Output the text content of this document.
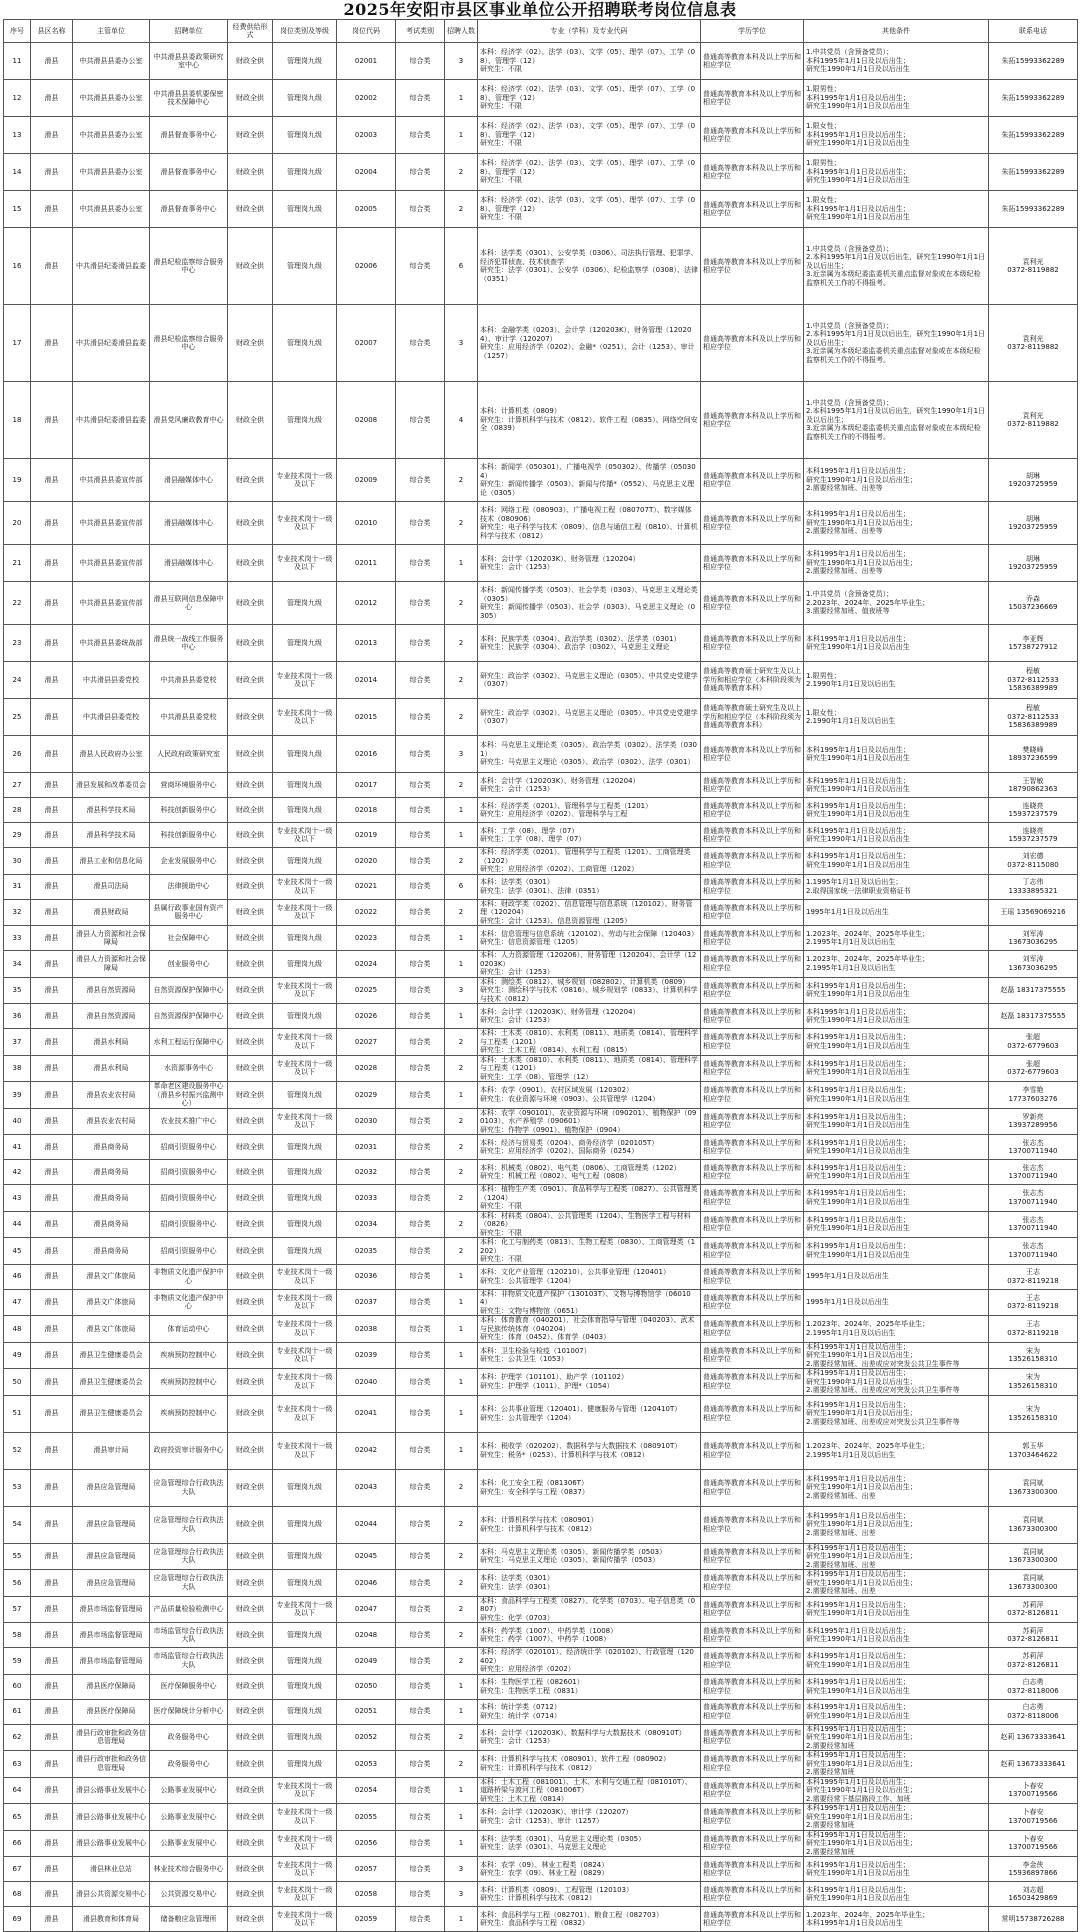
2025年安阳市县区事业单位公开招聘联考岗位信息表
序号	县区名称	主管单位	招聘单位	经费供给形式	岗位类别及等级	岗位代码	考试类别	招聘人数	专业（学科）及专业代码	学历学位	其他条件	联系电话
11	滑县	中共滑县县委办公室	中共滑县县委政策研究室中心	财政全供	管理岗九级	02001	综合类	3	本科：经济学（02）、法学（03）、文学（05）、理学（07）、工学（08）、管理学（12）
研究生：不限	普通高等教育本科及以上学历和相应学位	1.中共党员（含预备党员）；
本科1995年1月1日及以后出生；
研究生1990年1月1日及以后出生	朱拓15993362289
12	滑县	中共滑县县委办公室	中共滑县县委机要保密技术保障中心	财政全供	管理岗九级	02002	综合类	1	本科：经济学（02）、法学（03）、文学（05）、理学（07）、工学（08）、管理学（12）
研究生：不限	普通高等教育本科及以上学历和相应学位	1.限男性；
本科1995年1月1日及以后出生；
研究生1990年1月1日及以后出生	朱拓15993362289
13	滑县	中共滑县县委办公室	滑县督查事务中心	财政全供	管理岗九级	02003	综合类	1	本科：经济学（02）、法学（03）、文学（05）、理学（07）、工学（08）、管理学（12）
研究生：不限	普通高等教育本科及以上学历和相应学位	1.限女性；
本科1995年1月1日及以后出生；
研究生1990年1月1日及以后出生	朱拓15993362289
14	滑县	中共滑县县委办公室	滑县督查事务中心	财政全供	管理岗九级	02004	综合类	2	本科：经济学（02）、法学（03）、文学（05）、理学（07）、工学（08）、管理学（12）
研究生：不限	普通高等教育本科及以上学历和相应学位	1.限男性；
本科1995年1月1日及以后出生；
研究生1990年1月1日及以后出生	朱拓15993362289
15	滑县	中共滑县县委办公室	滑县督查事务中心	财政全供	管理岗九级	02005	综合类	2	本科：经济学（02）、法学（03）、文学（05）、理学（07）、工学（08）、管理学（12）
研究生：不限	普通高等教育本科及以上学历和相应学位	1.限女性；
本科1995年1月1日及以后出生；
研究生1990年1月1日及以后出生	朱拓15993362289
16	滑县	中共滑县纪委滑县监委	滑县纪检监察综合服务中心	财政全供	管理岗九级	02006	综合类	6	本科：法学类（0301）、公安学类（0306）、司法执行管理、犯罪学、经济犯罪侦查、技术侦查学
研究生：法学（0301）、公安学（0306）、纪检监察学（0308）、法律（0351）	普通高等教育本科及以上学历和相应学位	1.中共党员（含预备党员）；
2.本科1995年1月1日及以后出生，研究生1990年1月1日及以后出生；
3.近亲属为本级纪委监委机关重点监督对象或在本级纪检监察机关工作的不得报考。	袁利光
0372-8119882
17	滑县	中共滑县纪委滑县监委	滑县纪检监察综合服务中心	财政全供	管理岗九级	02007	综合类	3	本科：金融学类（0203）、会计学（120203K）、财务管理（120204）、审计学（120207）
研究生：应用经济学（0202）、金融*（0251）、会计（1253）、审计（1257）	普通高等教育本科及以上学历和相应学位	1.中共党员（含预备党员）；
2.本科1995年1月1日及以后出生，研究生1990年1月1日及以后出生；
3.近亲属为本级纪委监委机关重点监督对象或在本级纪检监察机关工作的不得报考。	袁利光
0372-8119882
18	滑县	中共滑县纪委滑县监委	滑县党风廉政教育中心	财政全供	管理岗九级	02008	综合类	4	本科：计算机类（0809）
研究生：计算机科学与技术（0812）、软件工程（0835）、网络空间安全（0839）	普通高等教育本科及以上学历和相应学位	1.中共党员（含预备党员）；
2.本科1995年1月1日及以后出生，研究生1990年1月1日及以后出生；
3.近亲属为本级纪委监委机关重点监督对象或在本级纪检监察机关工作的不得报考。	袁利光
0372-8119882
19	滑县	中共滑县县委宣传部	滑县融媒体中心	财政全供	专业技术岗十一级及以下	02009	综合类	2	本科：新闻学（050301）、广播电视学（050302）、传播学（050304）
研究生：新闻传播学（0503）、新闻与传播*（0552）、马克思主义理论（0305）	普通高等教育本科及以上学历和相应学位	本科1995年1月1日及以后出生；
研究生1990年1月1日及以后出生；
2.需要经常加班、出差等	胡琳
19203725959
20	滑县	中共滑县县委宣传部	滑县融媒体中心	财政全供	专业技术岗十一级及以下	02010	综合类	2	本科：网络工程（080903）、广播电视工程（080707T）、数字媒体技术（080906）
研究生：电子科学与技术（0809）、信息与通信工程（0810）、计算机科学与技术（0812）	普通高等教育本科及以上学历和相应学位	本科1995年1月1日及以后出生；
研究生1990年1月1日及以后出生；
2.需要经常加班、出差等	胡琳
19203725959
21	滑县	中共滑县县委宣传部	滑县融媒体中心	财政全供	专业技术岗十一级及以下	02011	综合类	1	本科：会计学（120203K）、财务管理（120204）
研究生：会计（1253）	普通高等教育本科及以上学历和相应学位	本科1995年1月1日及以后出生；
研究生1990年1月1日及以后出生；
2.需要经常加班、出差等	胡琳
19203725959
22	滑县	中共滑县县委宣传部	滑县互联网信息保障中心	财政全供	管理岗九级	02012	综合类	2	本科：新闻传播学类（0503）、社会学类（0303）、马克思主义理论类（0305）
研究生：新闻传播学（0503）、社会学（0303）、马克思主义理论（0305）	普通高等教育本科及以上学历和相应学位	1.中共党员（含预备党员）；
2.2023年、2024年、2025年毕业生；
3.需要经常加班、值夜班等	乔森
15037236669
23	滑县	中共滑县县委统战部	滑县统一战线工作服务中心	财政全供	管理岗九级	02013	综合类	2	本科：民族学类（0304）、政治学类（0302）、法学类（0301）
研究生：民族学（0304）、政治学（0302）、马克思主义理论	普通高等教育本科及以上学历和相应学位	本科1995年1月1日及以后出生；
研究生1990年1月1日及以后出生	李亚辉
15738727912
24	滑县	中共滑县县委党校	中共滑县县委党校	财政全供	专业技术岗十一级及以下	02014	综合类	2	研究生：政治学（0302）、马克思主义理论（0305）、中共党史党建学（0307）	普通高等教育硕士研究生及以上学历和相应学位（本科阶段须为普通高等教育本科）	1.限男性；
2.1990年1月1日及以后出生	程敏
0372-8112533
15836389989
25	滑县	中共滑县县委党校	中共滑县县委党校	财政全供	专业技术岗十一级及以下	02015	综合类	2	研究生：政治学（0302）、马克思主义理论（0305）、中共党史党建学（0307）	普通高等教育硕士研究生及以上学历和相应学位（本科阶段须为普通高等教育本科）	1.限女性；
2.1990年1月1日及以后出生	程敏
0372-8112533
15836389989
26	滑县	滑县人民政府办公室	人民政府政策研究室	财政全供	管理岗九级	02016	综合类	3	本科：马克思主义理论类（0305）、政治学类（0302）、法学类（0301）
研究生：马克思主义理论（0305）、政治学（0302）、法学（0301）	普通高等教育本科及以上学历和相应学位	本科1995年1月1日及以后出生；
研究生1990年1月1日及以后出生	樊晓峰
18937236599
27	滑县	滑县发展和改革委员会	营商环境服务中心	财政全供	管理岗九级	02017	综合类	2	本科：会计学（120203K）、财务管理（120204）
研究生：会计（1253）	普通高等教育本科及以上学历和相应学位	本科1995年1月1日及以后出生；
研究生1990年1月1日及以后出生	王智敏
18790862363
28	滑县	滑县科学技术局	科技创新服务中心	财政全供	管理岗九级	02018	综合类	1	本科：经济学类（0201）、管理科学与工程类（1201）
研究生：应用经济学（0202）、管理科学与工程	普通高等教育本科及以上学历和相应学位	本科1995年1月1日及以后出生；
研究生1990年1月1日及以后出生	连晓亮
15937237579
29	滑县	滑县科学技术局	科技创新服务中心	财政全供	专业技术岗十一级及以下	02019	综合类	1	本科：工学（08）、理学（07）
研究生：工学（08）、理学（07）	普通高等教育本科及以上学历和相应学位	本科1995年1月1日及以后出生；
研究生1990年1月1日及以后出生	连晓亮
15937237579
30	滑县	滑县工业和信息化局	企业发展服务中心	财政全供	管理岗九级	02020	综合类	2	本科：经济学类（0201）、管理科学与工程类（1201）、工商管理类（1202）
研究生：应用经济学（0202）、工商管理（1202）	普通高等教育本科及以上学历和相应学位	本科1995年1月1日及以后出生；
研究生1990年1月1日及以后出生	刘宏德
0372-8115080
31	滑县	滑县司法局	法律援助中心	财政全供	专业技术岗十一级及以下	02021	综合类	6	本科：法学类（0301）
研究生：法学（0301）、法律（0351）	普通高等教育本科及以上学历和相应学位	1.1995年1月1日及以后出生；
2.取得国家统一法律职业资格证书	丁志伟
13333895321
32	滑县	滑县财政局	县属行政事业国有资产服务中心	财政全供	专业技术岗十一级及以下	02022	综合类	2	本科：财政学类（0202）、信息管理与信息系统（120102）、财务管理（120204）
研究生：会计（1253）、信息资源管理（1205）	普通高等教育本科及以上学历和相应学位	1995年1月1日及以后出生	王瑶 13569069216
33	滑县	滑县人力资源和社会保障局	社会保障中心	财政全供	管理岗九级	02023	综合类	1	本科：信息管理与信息系统（120102）、劳动与社会保障（120403）
研究生：信息资源管理（1205）	普通高等教育本科及以上学历和相应学位	1.2023年、2024年、2025年毕业生；
2.1995年1月1日及以后出生	刘军涛
13673036295
34	滑县	滑县人力资源和社会保障局	创业服务中心	财政全供	管理岗九级	02024	综合类	1	本科：人力资源管理（120206）、财务管理（120204）、会计学（120203K）
研究生：会计（1253）	普通高等教育本科及以上学历和相应学位	1.2023年、2024年、2025年毕业生；
2.1995年1月1日及以后出生	刘军涛
13673036295
35	滑县	滑县自然资源局	自然资源保护保障中心	财政全供	专业技术岗十一级及以下	02025	综合类	3	本科：测绘类（0812）、城乡规划（082802）、计算机类（0809）
研究生：测绘科学与技术（0816）、城乡规划学（0833）、计算机科学与技术（0812）	普通高等教育本科及以上学历和相应学位	本科1995年1月1日及以后出生；
研究生1990年1月1日及以后出生	赵磊 18317375555
36	滑县	滑县自然资源局	自然资源保护保障中心	财政全供	管理岗九级	02026	综合类	1	本科：会计学（120203K）、财务管理（120204）
研究生：会计（1253）	普通高等教育本科及以上学历和相应学位	本科1995年1月1日及以后出生；
研究生1990年1月1日及以后出生	赵磊 18317375555
37	滑县	滑县水利局	水利工程运行保障中心	财政全供	专业技术岗十一级及以下	02027	综合类	2	本科：土木类（0810）、水利类（0811）、地质类（0814）、管理科学与工程类（1201）
研究生：土木工程（0814）、水利工程（0815）	普通高等教育本科及以上学历和相应学位	本科1995年1月1日及以后出生；
研究生1990年1月1日及以后出生	张超
0372-6779603
38	滑县	滑县水利局	水资源事务中心	财政全供	专业技术岗十一级及以下	02028	综合类	2	本科：土木类（0810）、水利类（0811）、地质类（0814）、管理科学与工程类（1201）
研究生：工学（08）、管理学（12）	普通高等教育本科及以上学历和相应学位	本科1995年1月1日及以后出生；
研究生1990年1月1日及以后出生	张超
0372-6779603
39	滑县	滑县农业农村局	革命老区建设服务中心（滑县乡村振兴监测中心）	财政全供	管理岗九级	02029	综合类	1	本科：农学（0901）、农村区域发展（120302）
研究生：农业资源与环境（0903）、公共管理学（1204）	普通高等教育本科及以上学历和相应学位	本科1995年1月1日及以后出生；
研究生1990年1月1日及以后出生	李雪艳
17737603276
40	滑县	滑县农业农村局	农业技术推广中心	财政全供	专业技术岗十一级及以下	02030	综合类	2	本科：农学（090101）、农业资源与环境（090201）、植物保护（090103）、水产养殖学（090601）
研究生：作物学（0901）、植物保护（0904）	普通高等教育本科及以上学历和相应学位	本科1995年1月1日及以后出生；
研究生1990年1月1日及以后出生	罗新亮
13937289956
41	滑县	滑县商务局	招商引资服务中心	财政全供	管理岗九级	02031	综合类	2	本科：经济与贸易类（0204）、商务经济学（020105T）
研究生：应用经济学（0202）、国际商务（0254）	普通高等教育本科及以上学历和相应学位	本科1995年1月1日及以后出生；
研究生1990年1月1日及以后出生	张志杰
13700711940
42	滑县	滑县商务局	招商引资服务中心	财政全供	管理岗九级	02032	综合类	2	本科：机械类（0802）、电气类（0806）、工商管理类（1202）
研究生：机械工程（0802）、电气工程（0808）	普通高等教育本科及以上学历和相应学位	本科1995年1月1日及以后出生；
研究生1990年1月1日及以后出生	张志杰
13700711940
43	滑县	滑县商务局	招商引资服务中心	财政全供	管理岗九级	02033	综合类	2	本科：植物生产类（0901）、食品科学与工程类（0827）、公共管理类（1204）
研究生：不限	普通高等教育本科及以上学历和相应学位	本科1995年1月1日及以后出生；
研究生1990年1月1日及以后出生	张志杰
13700711940
44	滑县	滑县商务局	招商引资服务中心	财政全供	管理岗九级	02034	综合类	2	本科：材料类（0804）、公共管理类（1204）、生物医学工程与材料（0826）
研究生：不限	普通高等教育本科及以上学历和相应学位	本科1995年1月1日及以后出生；
研究生1990年1月1日及以后出生	张志杰
13700711940
45	滑县	滑县商务局	招商引资服务中心	财政全供	管理岗九级	02035	综合类	2	本科：化工与制药类（0813）、生物工程类（0830）、工商管理类（1202）
研究生：不限	普通高等教育本科及以上学历和相应学位	本科1995年1月1日及以后出生；
研究生1990年1月1日及以后出生	张志杰
13700711940
46	滑县	滑县文广体旅局	非物质文化遗产保护中心	财政全供	专业技术岗十一级及以下	02036	综合类	1	本科：文化产业管理（120210）、公共事业管理（120401）
研究生：公共管理学（1204）	普通高等教育本科及以上学历和相应学位	1995年1月1日及以后出生	王志
0372-8119218
47	滑县	滑县文广体旅局	非物质文化遗产保护中心	财政全供	专业技术岗十一级及以下	02037	综合类	1	本科：非物质文化遗产保护（130103T）、文物与博物馆学（060104）
研究生：文物与博物馆（0651）	普通高等教育本科及以上学历和相应学位	1995年1月1日及以后出生	王志
0372-8119218
48	滑县	滑县文广体旅局	体育运动中心	财政全供	专业技术岗十一级及以下	02038	综合类	1	本科：体育教育（040201）、社会体育指导与管理（040203）、武术与民族传统体育（040204）
研究生：体育（0452）、体育学（0403）	普通高等教育本科及以上学历和相应学位	1.2023年、2024年、2025年毕业生；
2.1995年1月1日及以后出生	王志
0372-8119218
49	滑县	滑县卫生健康委员会	疾病预防控制中心	财政全供	专业技术岗十一级及以下	02039	综合类	1	本科：卫生检验与检疫（101007）
研究生：公共卫生（1053）	普通高等教育本科及以上学历和相应学位	本科1995年1月1日及以后出生；
研究生1990年1月1日及以后出生；
2.需要经常加班、出差或应对突发公共卫生事件等	宋为
13526158310
50	滑县	滑县卫生健康委员会	疾病预防控制中心	财政全供	专业技术岗十一级及以下	02040	综合类	1	本科：护理学（101101）、助产学（101102）
研究生：护理学（1011）、护理*（1054）	普通高等教育本科及以上学历和相应学位	本科1995年1月1日及以后出生；
研究生1990年1月1日及以后出生；
2.需要经常加班、出差或应对突发公共卫生事件等	宋为
13526158310
51	滑县	滑县卫生健康委员会	疾病预防控制中心	财政全供	专业技术岗十一级及以下	02041	综合类	1	本科：公共事业管理（120401）、健康服务与管理（120410T）
研究生：公共管理学（1204）	普通高等教育本科及以上学历和相应学位	本科1995年1月1日及以后出生；
研究生1990年1月1日及以后出生；
2.需要经常加班、出差或应对突发公共卫生事件等	宋为
13526158310
52	滑县	滑县审计局	政府投资审计服务中心	财政全供	专业技术岗十一级及以下	02042	综合类	1	本科：税收学（020202）、数据科学与大数据技术（080910T）
研究生：税务*（0253）、计算机科学与技术（0812）	普通高等教育本科及以上学历和相应学位	1.2023年、2024年、2025年毕业生；
2.1995年1月1日及以后出生	郭玉华
13703464622
53	滑县	滑县应急管理局	应急管理综合行政执法大队	财政全供	管理岗九级	02043	综合类	2	本科：化工安全工程（081306T）
研究生：安全科学与工程（0837）	普通高等教育本科及以上学历和相应学位	本科1995年1月1日及以后出生；
研究生1990年1月1日及以后出生；
2.需要经常加班、出差	袁同斌
13673300300
54	滑县	滑县应急管理局	应急管理综合行政执法大队	财政全供	管理岗九级	02044	综合类	2	本科：计算机科学与技术（080901）
研究生：计算机科学与技术（0812）	普通高等教育本科及以上学历和相应学位	本科1995年1月1日及以后出生；
研究生1990年1月1日及以后出生；
2.需要经常加班、出差	袁同斌
13673300300
55	滑县	滑县应急管理局	应急管理综合行政执法大队	财政全供	管理岗九级	02045	综合类	2	本科：马克思主义理论类（0305）、新闻传播学类（0503）
研究生：马克思主义理论（0305）、新闻传播学（0503）	普通高等教育本科及以上学历和相应学位	本科1995年1月1日及以后出生；
研究生1990年1月1日及以后出生；
2.需要经常加班、出差	袁同斌
13673300300
56	滑县	滑县应急管理局	应急管理综合行政执法大队	财政全供	管理岗九级	02046	综合类	2	本科：法学类（0301）
研究生：法学（0301）	普通高等教育本科及以上学历和相应学位	本科1995年1月1日及以后出生；
研究生1990年1月1日及以后出生；
2.需要经常加班、出差	袁同斌
13673300300
57	滑县	滑县市场监督管理局	产品质量检验检测中心	财政全供	专业技术岗十一级及以下	02047	综合类	2	本科：食品科学与工程类（0827）、化学类（0703）、电子信息类（0807）
研究生：化学（0703）	普通高等教育本科及以上学历和相应学位	本科1995年1月1日及以后出生；
研究生1990年1月1日及以后出生	苏莉萍
0372-8126811
58	滑县	滑县市场监督管理局	市场监管综合行政执法大队	财政全供	管理岗九级	02048	综合类	2	本科：药学类（1007）、中药学类（1008）
研究生：药学（1007）、中药学（1008）	普通高等教育本科及以上学历和相应学位	本科1995年1月1日及以后出生；
研究生1990年1月1日及以后出生	苏莉萍
0372-8126811
59	滑县	滑县市场监督管理局	市场监管综合行政执法大队	财政全供	管理岗九级	02049	综合类	2	本科：经济学（020101）、经济统计学（020102）、行政管理（120402）
研究生：应用经济学（0202）	普通高等教育本科及以上学历和相应学位	本科1995年1月1日及以后出生；
研究生1990年1月1日及以后出生	苏莉萍
0372-8126811
60	滑县	滑县医疗保障局	医疗保障服务中心	财政全供	管理岗九级	02050	综合类	1	本科：生物医学工程（082601）
研究生：生物医学工程（0831）	普通高等教育本科及以上学历和相应学位	本科1995年1月1日及以后出生；
研究生1990年1月1日及以后出生	白志勇
0372-8118006
61	滑县	滑县医疗保障局	医疗保障统计分析中心	财政全供	管理岗九级	02051	综合类	1	本科：统计学类（0712）
研究生：统计学（0714）	普通高等教育本科及以上学历和相应学位	本科1995年1月1日及以后出生；
研究生1990年1月1日及以后出生	白志勇
0372-8118006
62	滑县	滑县行政审批和政务信息管理局	政务服务中心	财政全供	管理岗九级	02052	综合类	2	本科：会计学（120203K）、数据科学与大数据技术（080910T）
研究生：会计（1253）	普通高等教育本科及以上学历和相应学位	本科1995年1月1日及以后出生；
研究生1990年1月1日及以后出生；
2.需要经常加班	赵莉 13673333641
63	滑县	滑县行政审批和政务信息管理局	政务服务中心	财政全供	管理岗九级	02053	综合类	2	本科：计算机科学与技术（080901）、软件工程（080902）
研究生：计算机科学与技术（0812）	普通高等教育本科及以上学历和相应学位	本科1995年1月1日及以后出生；
研究生1990年1月1日及以后出生；
2.需要经常加班	赵莉 13673333641
64	滑县	滑县公路事业发展中心	公路事业发展中心	财政全供	专业技术岗十一级及以下	02054	综合类	1	本科：土木工程（081001）、土木、水利与交通工程（081010T）、道路桥梁与渡河工程（081006T）
研究生：土木工程（0814）	普通高等教育本科及以上学历和相应学位	本科1995年1月1日及以后出生；
研究生1990年1月1日及以后出生；
2.需要经常下基层路段工作、加班	卜春安
13700719566
65	滑县	滑县公路事业发展中心	公路事业发展中心	财政全供	专业技术岗十一级及以下	02055	综合类	1	本科：会计学（120203K）、审计学（120207）
研究生：会计（1253）、审计（1257）	普通高等教育本科及以上学历和相应学位	本科1995年1月1日及以后出生；
研究生1990年1月1日及以后出生；
2.需要经常加班	卜春安
13700719566
66	滑县	滑县公路事业发展中心	公路事业发展中心	财政全供	专业技术岗十一级及以下	02056	综合类	1	本科：法学类（0301）、马克思主义理论类（0305）
研究生：法学（0301）、马克思主义理论	普通高等教育本科及以上学历和相应学位	本科1995年1月1日及以后出生；
研究生1990年1月1日及以后出生；
2.需要经常加班	卜春安
13700719566
67	滑县	滑县林业总站	林业技术综合服务中心	财政全供	专业技术岗十一级及以下	02057	综合类	3	本科：农学（09）、林业工程类（0824）
研究生：农学（09）、林业工程（0829）	普通高等教育本科及以上学历和相应学位	本科1995年1月1日及以后出生；
研究生1990年1月1日及以后出生	李金侠
15936897866
68	滑县	滑县公共资源交易中心	公共资源交易中心	财政全供	专业技术岗十一级及以下	02058	综合类	3	本科：计算机类（0809）、工程管理（120103）
研究生：计算机科学与技术（0812）	普通高等教育本科及以上学历和相应学位	本科1995年1月1日及以后出生；
研究生1990年1月1日及以后出生	刘志超
16503429869
69	滑县	滑县教育和体育局	储备粮应急管理所	财政全供	专业技术岗十一级及以下	02059	综合类	1	本科：食品科学与工程（082701）、粮食工程（082703）
研究生：食品科学与工程（0832）	普通高等教育本科及以上学历和相应学位	1.2023年、2024年、2025年毕业生；
本科1995年1月1日及以后出生	常明15738726288
